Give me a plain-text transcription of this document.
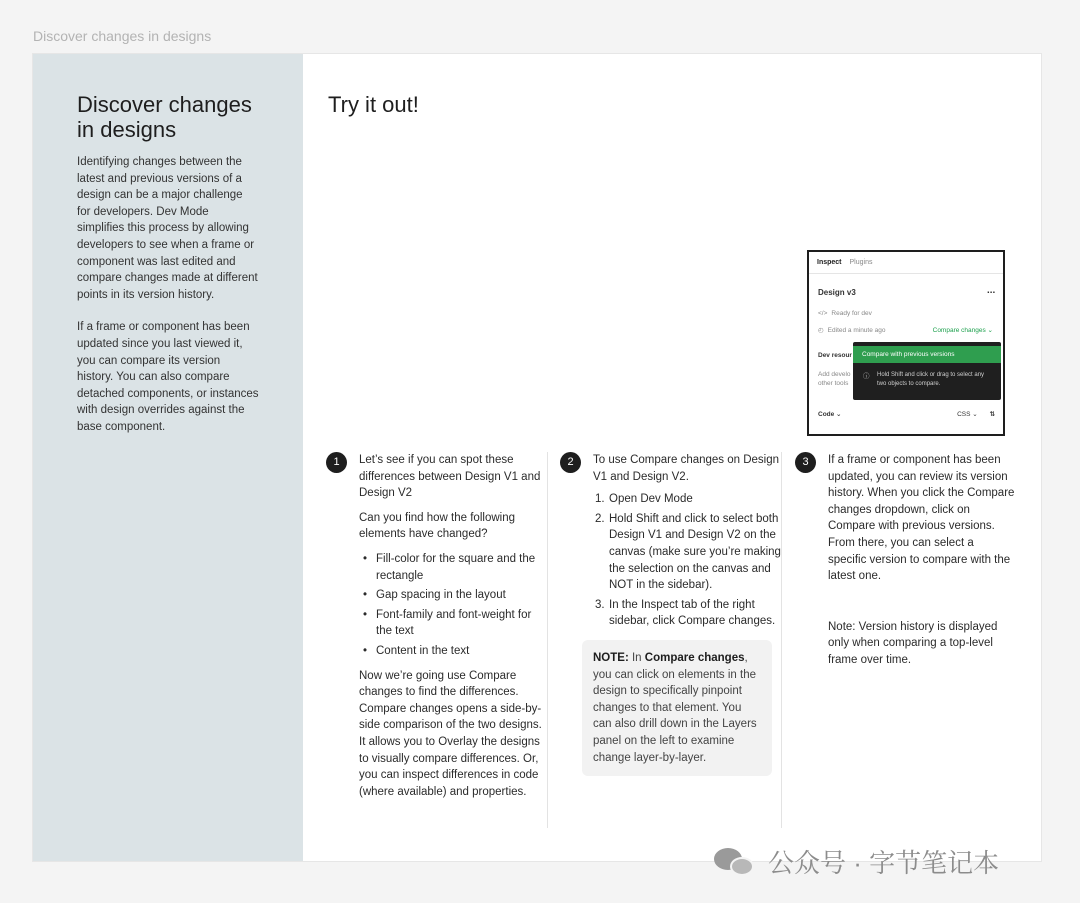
Discover changes in designs
Discover changes in designs

Identifying changes between the latest and previous versions of a design can be a major challenge for developers. Dev Mode simplifies this process by allowing developers to see when a frame or component was last edited and compare changes made at different points in its version history.

If a frame or component has been updated since you last viewed it, you can compare its version history. You can also compare detached components, or instances with design overrides against the base component.

Try it out!
Inspect Plugins
Design v3	⋯
</> Ready for dev
◴ Edited a minute ago	Compare changes ⌄
Dev resour
Add develo
other tools
Code ⌄	CSS ⌄ ⇅
Compare with previous versions
ⓘ Hold Shift and click or drag to select any two objects to compare.
1	Let’s see if you can spot these differences between Design V1 and Design V2

Can you find how the following elements have changed?

• Fill-color for the square and the rectangle
• Gap spacing in the layout
• Font-family and font-weight for the text
• Content in the text

Now we’re going use Compare changes to find the differences. Compare changes opens a side-by-side comparison of the two designs. It allows you to Overlay the designs to visually compare differences. Or, you can inspect differences in code (where available) and properties.

2	To use Compare changes on Design V1 and Design V2.

1. Open Dev Mode
2. Hold Shift and click to select both Design V1 and Design V2 on the canvas (make sure you’re making the selection on the canvas and NOT in the sidebar).
3. In the Inspect tab of the right sidebar, click Compare changes.
NOTE: In Compare changes, you can click on elements in the design to specifically pinpoint changes to that element. You can also drill down in the Layers panel on the left to examine change layer-by-layer.
3	If a frame or component has been updated, you can review its version history. When you click the Compare changes dropdown, click on Compare with previous versions. From there, you can select a specific version to compare with the latest one.

Note: Version history is displayed only when comparing a top-level frame over time.

公众号 · 字节笔记本
